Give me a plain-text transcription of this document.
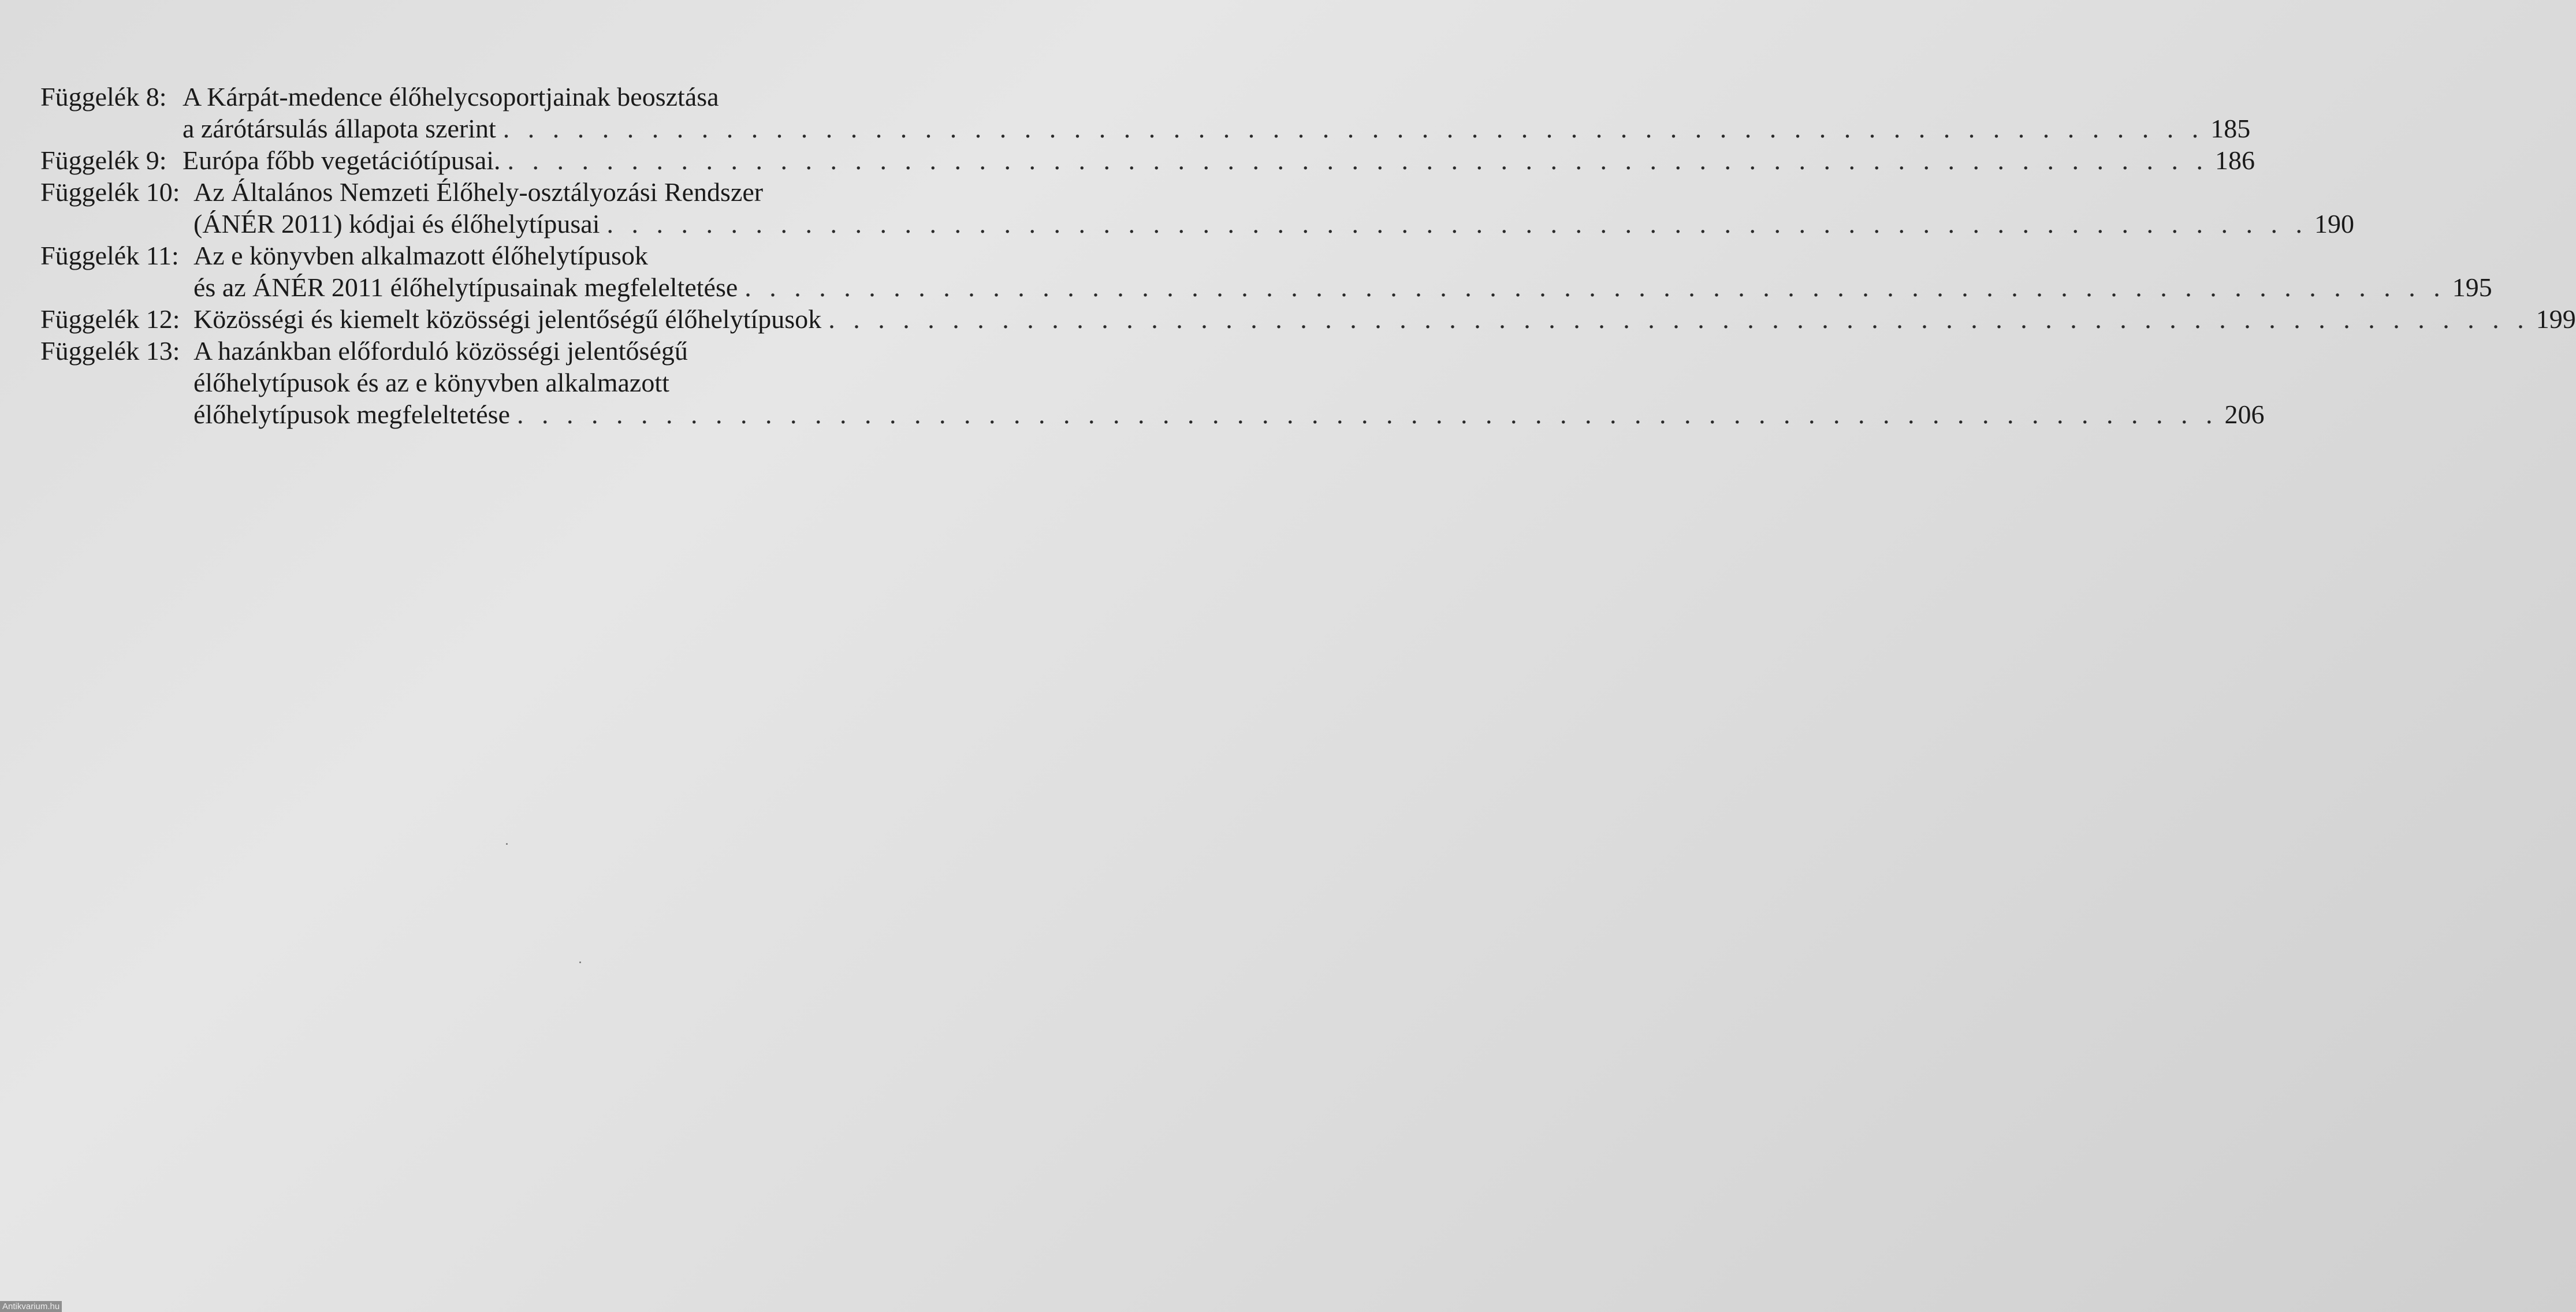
Függelék 8: A Kárpát-medence élőhelycsoportjainak beosztása
a zárótársulás állapota szerint . . . . . . . . . . . . . . . . . . . . . . . . . . . . . . . . . . . . . . . . . . . . . . . . . . . . . . . . . . . . . . . . . . . . . 185
Függelék 9: Európa főbb vegetációtípusai. . . . . . . . . . . . . . . . . . . . . . . . . . . . . . . . . . . . . . . . . . . . . . . . . . . . . . . . . . . . . . . . . . . . . . 186
Függelék 10: Az Általános Nemzeti Élőhely-osztályozási Rendszer
(ÁNÉR 2011) kódjai és élőhelytípusai . . . . . . . . . . . . . . . . . . . . . . . . . . . . . . . . . . . . . . . . . . . . . . . . . . . . . . . . . . . . . . . . . . . . . 190
Függelék 11: Az e könyvben alkalmazott élőhelytípusok
és az ÁNÉR 2011 élőhelytípusainak megfeleltetése . . . . . . . . . . . . . . . . . . . . . . . . . . . . . . . . . . . . . . . . . . . . . . . . . . . . . . . . . . . . . . . . . . . . . 195
Függelék 12: Közösségi és kiemelt közösségi jelentőségű élőhelytípusok . . . . . . . . . . . . . . . . . . . . . . . . . . . . . . . . . . . . . . . . . . . . . . . . . . . . . . . . . . . . . . . . . . . . . 199
Függelék 13: A hazánkban előforduló közösségi jelentőségű
élőhelytípusok és az e könyvben alkalmazott
élőhelytípusok megfeleltetése . . . . . . . . . . . . . . . . . . . . . . . . . . . . . . . . . . . . . . . . . . . . . . . . . . . . . . . . . . . . . . . . . . . . . 206
Antikvarium.hu
